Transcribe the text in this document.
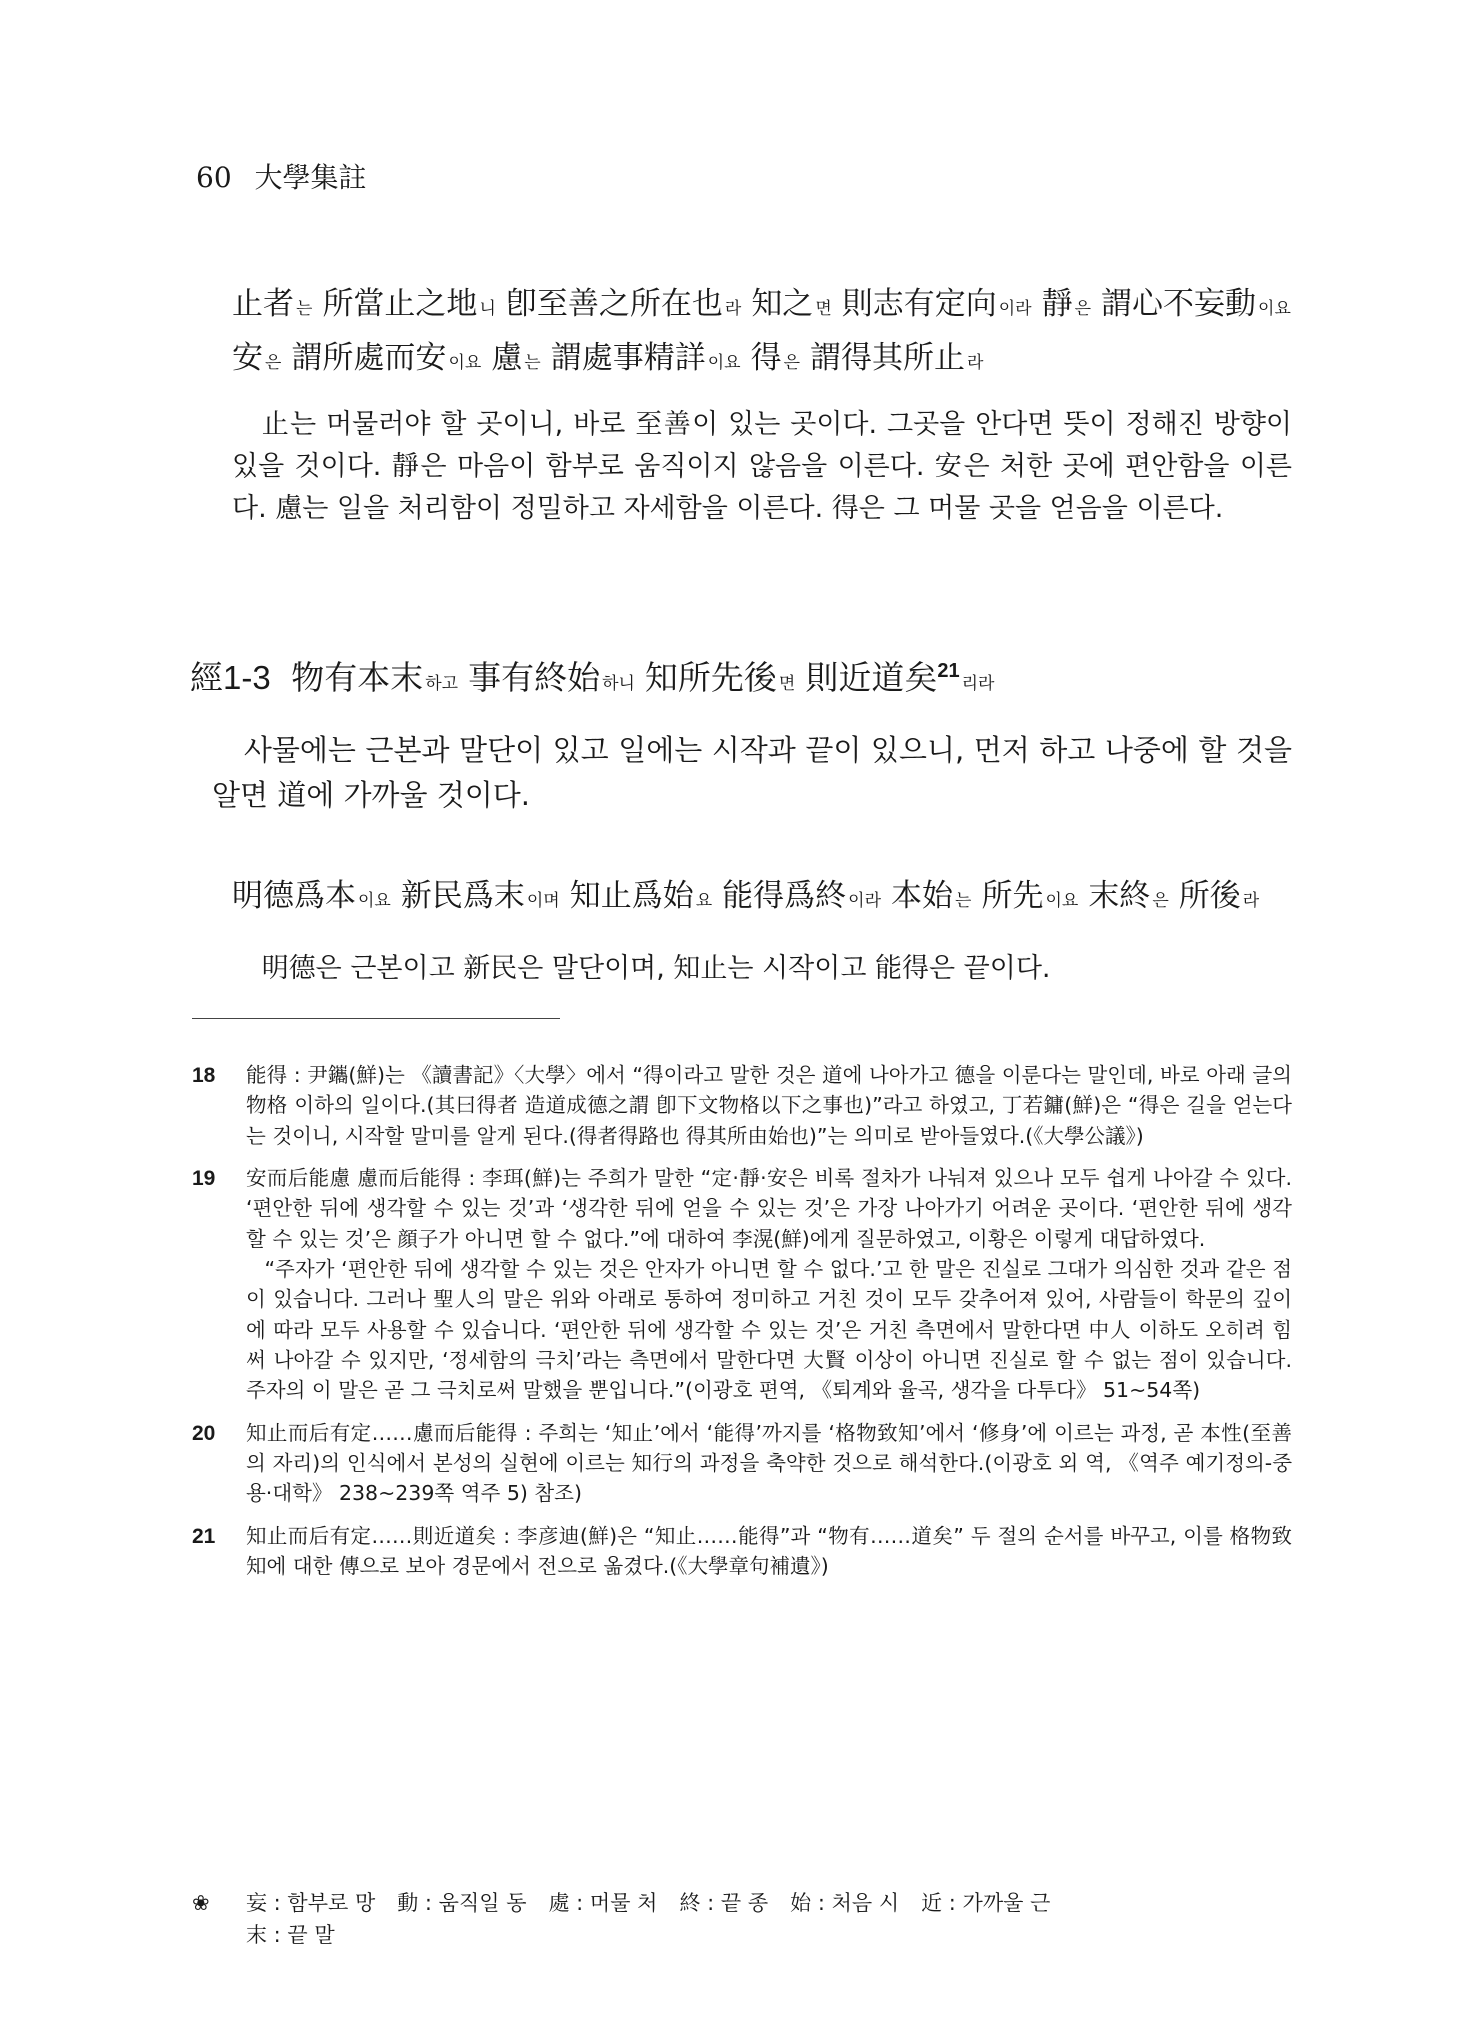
60 大學集註
止者 는 所當止之地 니 卽至善之所在也 라 知之 면 則志有定向 이라 靜 은 謂心不妄動 이요
安은 謂所處而安 이요 慮 는 謂處事精詳 이요 得 은 謂得其所止 라

止는 머물러야 할 곳이니, 바로 至善이 있는 곳이다. 그곳을 안다면 뜻이 정해진 방향이 있을 것이다. 靜은 마음이 함부로 움직이지 않음을 이른다. 安은 처한 곳에 편안함을 이른다. 慮는 일을 처리함이 정밀하고 자세함을 이른다. 得은 그 머물 곳을 얻음을 이른다.

經1-3 物有本末 하고 事有終始 하니 知所先後 면 則近道矣$^{21}$리라

사물에는 근본과 말단이 있고 일에는 시작과 끝이 있으니, 먼저 하고 나중에 할 것을 알면 道에 가까울 것이다.

明德爲本 이요 新民爲末 이며 知止爲始 요 能得爲終 이라 本始 는 所先 이요 末終 은 所後 라

明德은 근본이고 新民은 말단이며, 知止는 시작이고 能得은 끝이다.

18	能得 : 尹鑴(鮮)는 《讀書記》〈大學〉에서 “得이라고 말한 것은 道에 나아가고 德을 이룬다는 말인데, 바로 아래 글의 物格 이하의 일이다.(其曰得者 造道成德之謂 卽下文物格以下之事也)”라고 하였고, 丁若鏞(鮮)은 “得은 길을 얻는다는 것이니, 시작할 말미를 알게 된다.(得者得路也 得其所由始也)”는 의미로 받아들였다.(《大學公議》)

19	安而后能慮 慮而后能得 : 李珥(鮮)는 주희가 말한 “定·靜·安은 비록 절차가 나눠져 있으나 모두 쉽게 나아갈 수 있다. ‘편안한 뒤에 생각할 수 있는 것’과 ‘생각한 뒤에 얻을 수 있는 것’은 가장 나아가기 어려운 곳이다. ‘편안한 뒤에 생각할 수 있는 것’은 顔子가 아니면 할 수 없다.”에 대하여 李滉(鮮)에게 질문하였고, 이황은 이렇게 대답하였다.

“주자가 ‘편안한 뒤에 생각할 수 있는 것은 안자가 아니면 할 수 없다.’고 한 말은 진실로 그대가 의심한 것과 같은 점이 있습니다. 그러나 聖人의 말은 위와 아래로 통하여 정미하고 거친 것이 모두 갖추어져 있어, 사람들이 학문의 깊이에 따라 모두 사용할 수 있습니다. ‘편안한 뒤에 생각할 수 있는 것’은 거친 측면에서 말한다면 中人 이하도 오히려 힘써 나아갈 수 있지만, ‘정세함의 극치’라는 측면에서 말한다면 大賢 이상이 아니면 진실로 할 수 없는 점이 있습니다. 주자의 이 말은 곧 그 극치로써 말했을 뿐입니다.”(이광호 편역, 《퇴계와 율곡, 생각을 다투다》 51~54쪽)

20	知止而后有定……慮而后能得 : 주희는 ‘知止’에서 ‘能得’까지를 ‘格物致知’에서 ‘修身’에 이르는 과정, 곧 本性(至善의 자리)의 인식에서 본성의 실현에 이르는 知行의 과정을 축약한 것으로 해석한다.(이광호 외 역, 《역주 예기정의-중용·대학》 238~239쪽 역주 5) 참조)

21	知止而后有定……則近道矣 : 李彦迪(鮮)은 “知止……能得”과 “物有……道矣” 두 절의 순서를 바꾸고, 이를 格物致知에 대한 傳으로 보아 경문에서 전으로 옮겼다.(《大學章句補遺》)

❀	妄 : 함부로 망 動 : 움직일 동 處 : 머물 처 終 : 끝 종 始 : 처음 시 近 : 가까울 근
末 : 끝 말
